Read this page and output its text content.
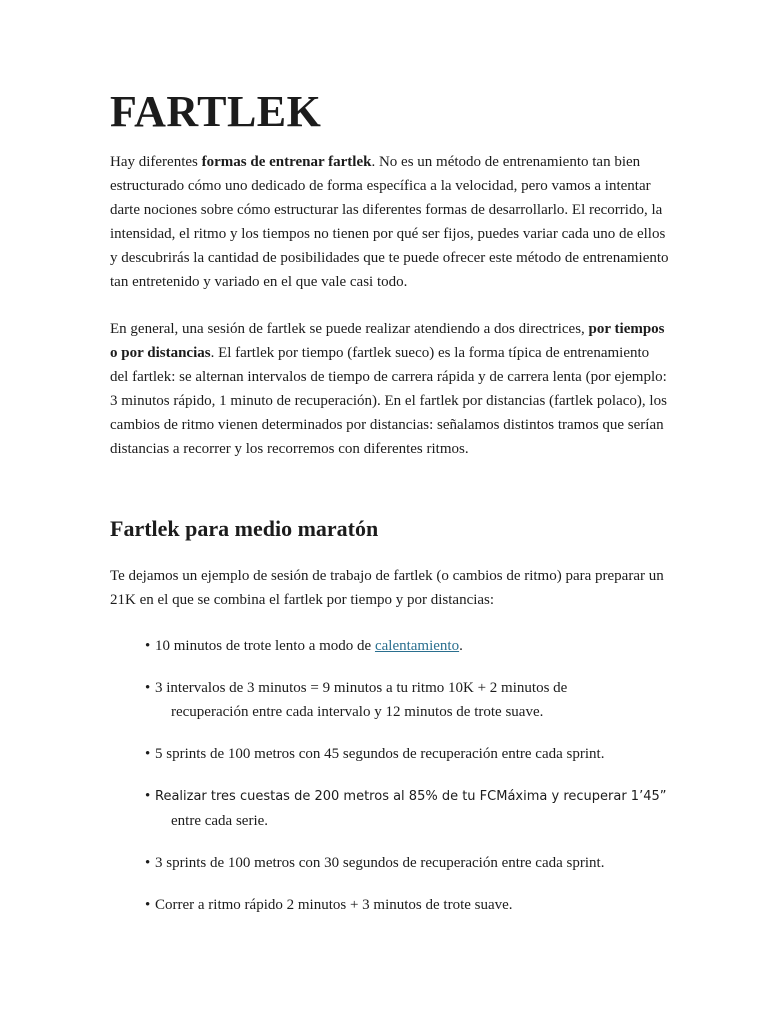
FARTLEK

Hay diferentes formas de entrenar fartlek. No es un método de entrenamiento tan bien estructurado cómo uno dedicado de forma específica a la velocidad, pero vamos a intentar darte nociones sobre cómo estructurar las diferentes formas de desarrollarlo. El recorrido, la intensidad, el ritmo y los tiempos no tienen por qué ser fijos, puedes variar cada uno de ellos y descubrirás la cantidad de posibilidades que te puede ofrecer este método de entrenamiento tan entretenido y variado en el que vale casi todo.

En general, una sesión de fartlek se puede realizar atendiendo a dos directrices, por tiempos o por distancias. El fartlek por tiempo (fartlek sueco) es la forma típica de entrenamiento del fartlek: se alternan intervalos de tiempo de carrera rápida y de carrera lenta (por ejemplo: 3 minutos rápido, 1 minuto de recuperación). En el fartlek por distancias (fartlek polaco), los cambios de ritmo vienen determinados por distancias: señalamos distintos tramos que serían distancias a recorrer y los recorremos con diferentes ritmos.

Fartlek para medio maratón

Te dejamos un ejemplo de sesión de trabajo de fartlek (o cambios de ritmo) para preparar un 21K en el que se combina el fartlek por tiempo y por distancias:

• 10 minutos de trote lento a modo de calentamiento.
• 3 intervalos de 3 minutos = 9 minutos a tu ritmo 10K + 2 minutos de
recuperación entre cada intervalo y 12 minutos de trote suave.
• 5 sprints de 100 metros con 45 segundos de recuperación entre cada sprint.
• Realizar tres cuestas de 200 metros al 85% de tu FCMáxima y recuperar 1’45”
entre cada serie.
• 3 sprints de 100 metros con 30 segundos de recuperación entre cada sprint.
• Correr a ritmo rápido 2 minutos + 3 minutos de trote suave.
